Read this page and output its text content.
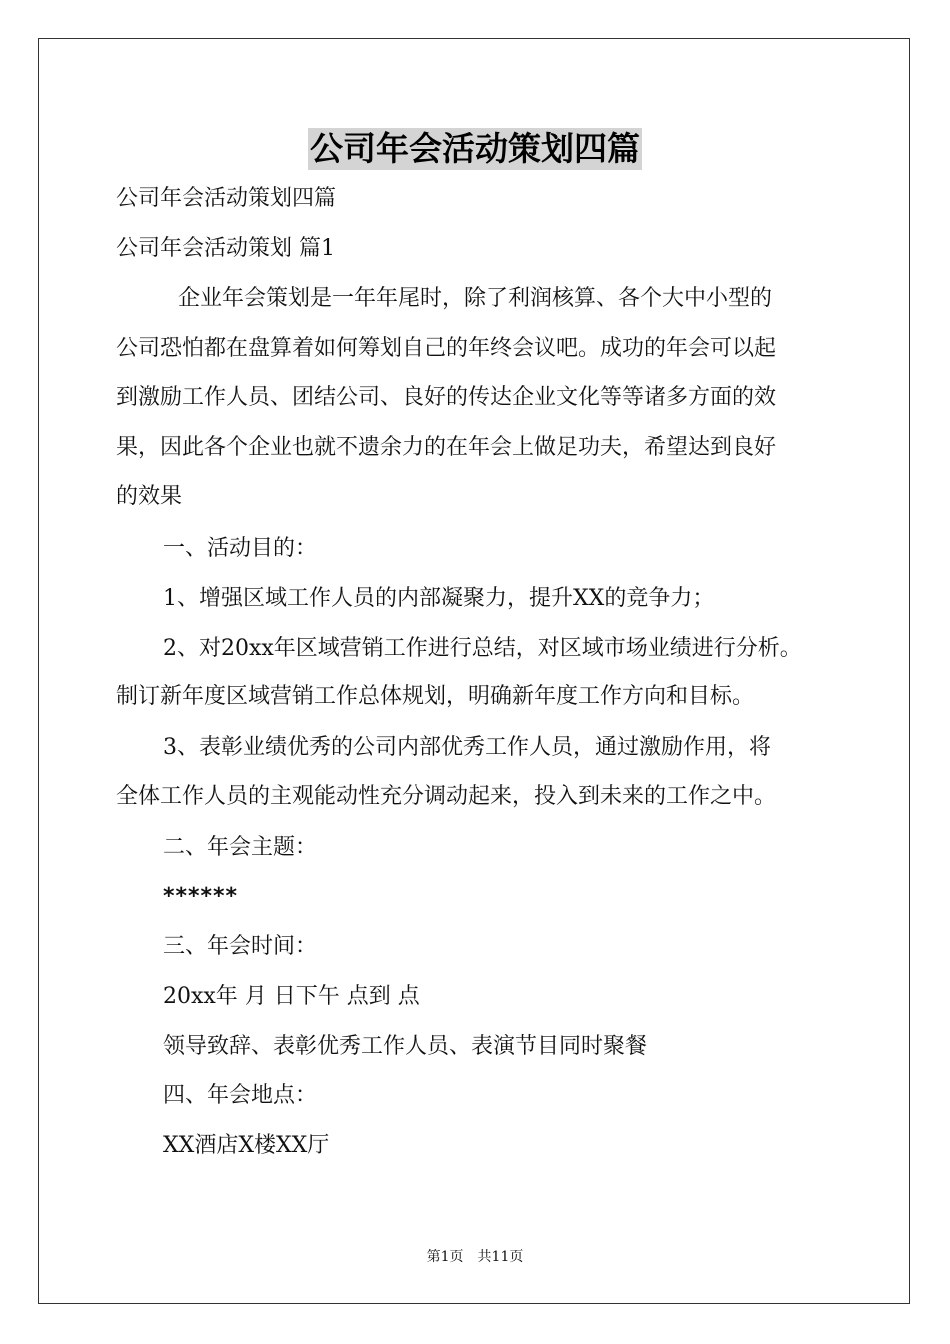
公司年会活动策划四篇
公司年会活动策划四篇
公司年会活动策划 篇1
企业年会策划是一年年尾时，除了利润核算、各个大中小型的
公司恐怕都在盘算着如何筹划自己的年终会议吧。成功的年会可以起
到激励工作人员、团结公司、良好的传达企业文化等等诸多方面的效
果，因此各个企业也就不遗余力的在年会上做足功夫，希望达到良好
的效果
一、活动目的：
1、增强区域工作人员的内部凝聚力，提升XX的竞争力；
2、对20xx年区域营销工作进行总结，对区域市场业绩进行分析。
制订新年度区域营销工作总体规划，明确新年度工作方向和目标。
3、表彰业绩优秀的公司内部优秀工作人员，通过激励作用，将
全体工作人员的主观能动性充分调动起来，投入到未来的工作之中。
二、年会主题：
******
三、年会时间：
20xx年 月 日下午 点到 点
领导致辞、表彰优秀工作人员、表演节目同时聚餐
四、年会地点：
XX酒店X楼XX厅
第1页 共11页
